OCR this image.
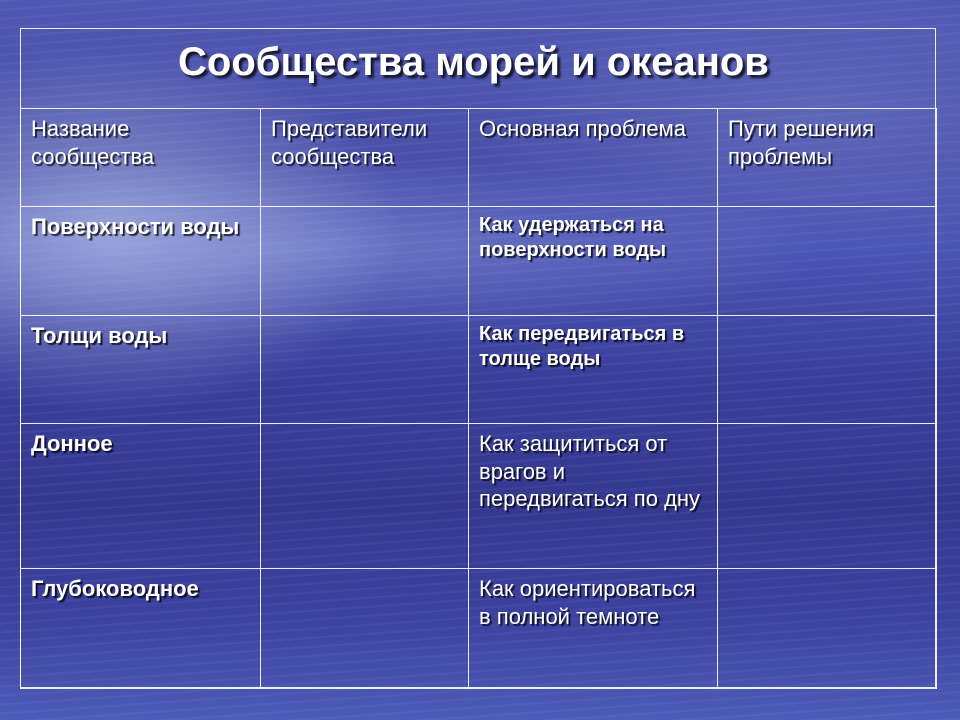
Сообщества морей и океанов
Название сообщества	Представители сообщества	Основная проблема	Пути решения проблемы
Поверхности воды		Как удержаться на поверхности воды	
Толщи воды		Как передвигаться в толще воды	
Донное		Как защититься от врагов и передвигаться по дну	
Глубоководное		Как ориентироваться в полной темноте	
